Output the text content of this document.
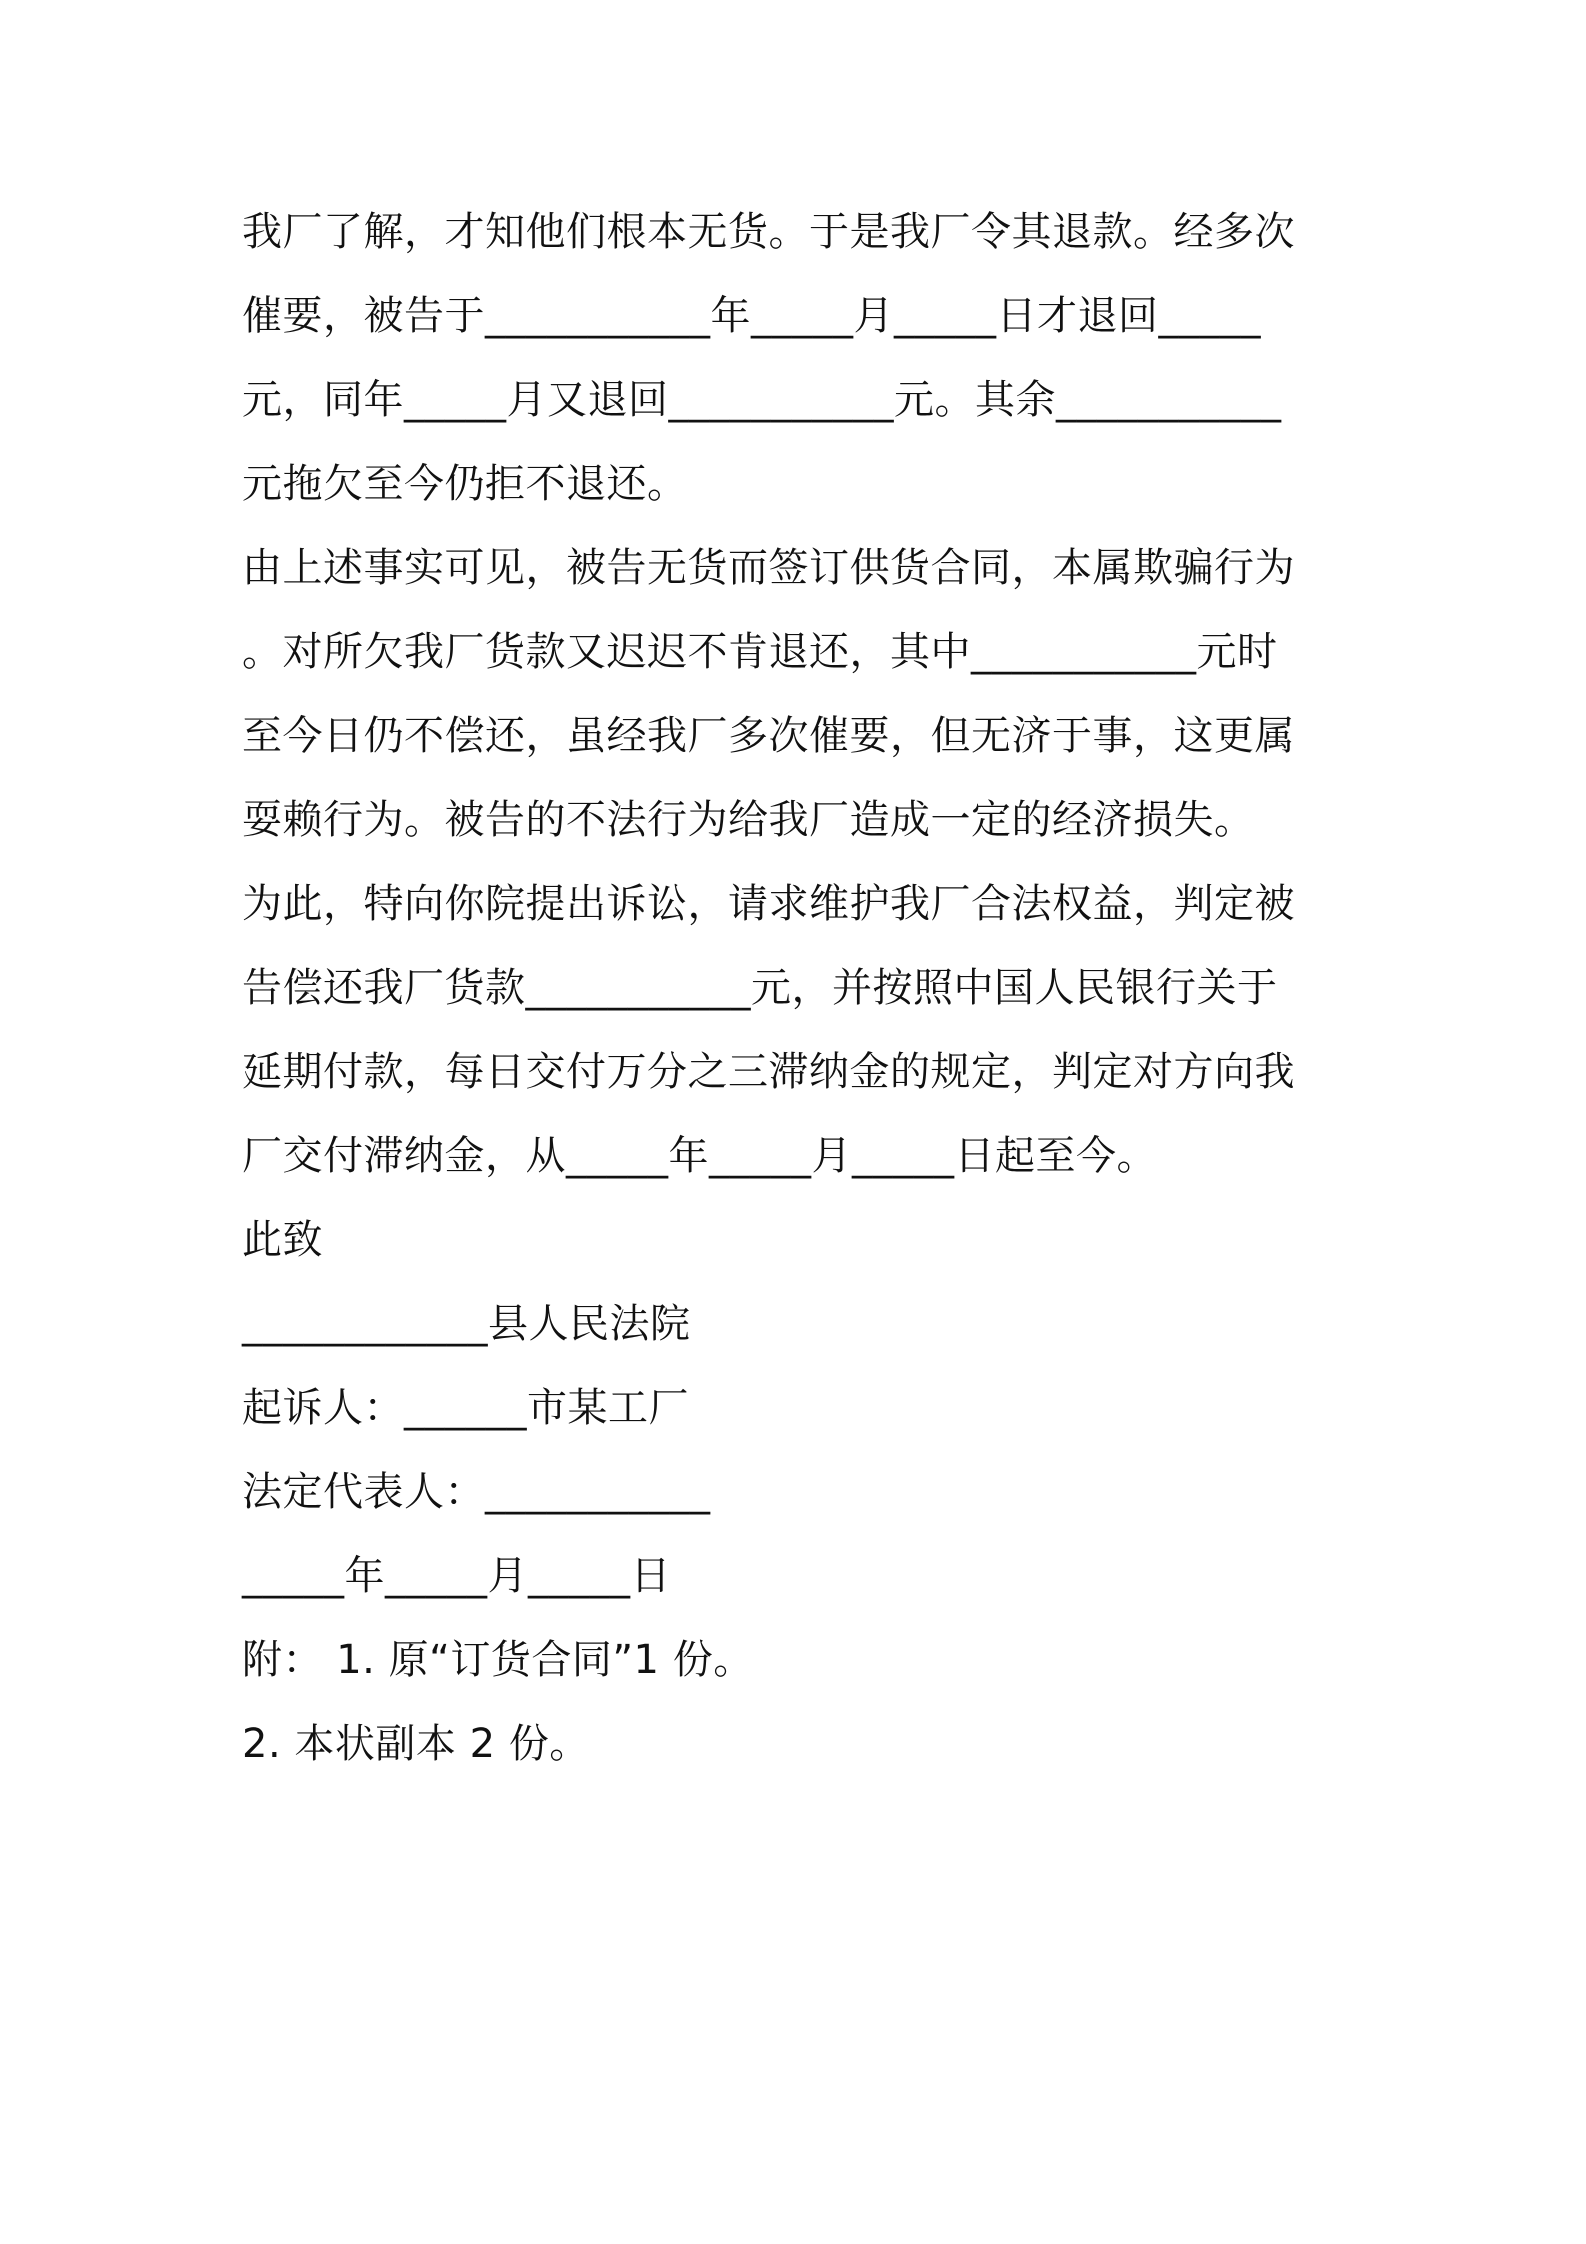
我厂了解，才知他们根本无货。于是我厂令其退款。经多次
催要，被告于___________年_____月_____日才退回_____
元，同年_____月又退回___________元。其余___________
元拖欠至今仍拒不退还。
由上述事实可见，被告无货而签订供货合同，本属欺骗行为
。对所欠我厂货款又迟迟不肯退还，其中___________元时
至今日仍不偿还，虽经我厂多次催要，但无济于事，这更属
耍赖行为。被告的不法行为给我厂造成一定的经济损失。
为此，特向你院提出诉讼，请求维护我厂合法权益，判定被
告偿还我厂货款___________元，并按照中国人民银行关于
延期付款，每日交付万分之三滞纳金的规定，判定对方向我
厂交付滞纳金，从_____年_____月_____日起至今。
此致
____________县人民法院
起诉人：______市某工厂
法定代表人：___________
_____年_____月_____日
附： 1. 原“订货合同”1 份。
2. 本状副本 2 份。
